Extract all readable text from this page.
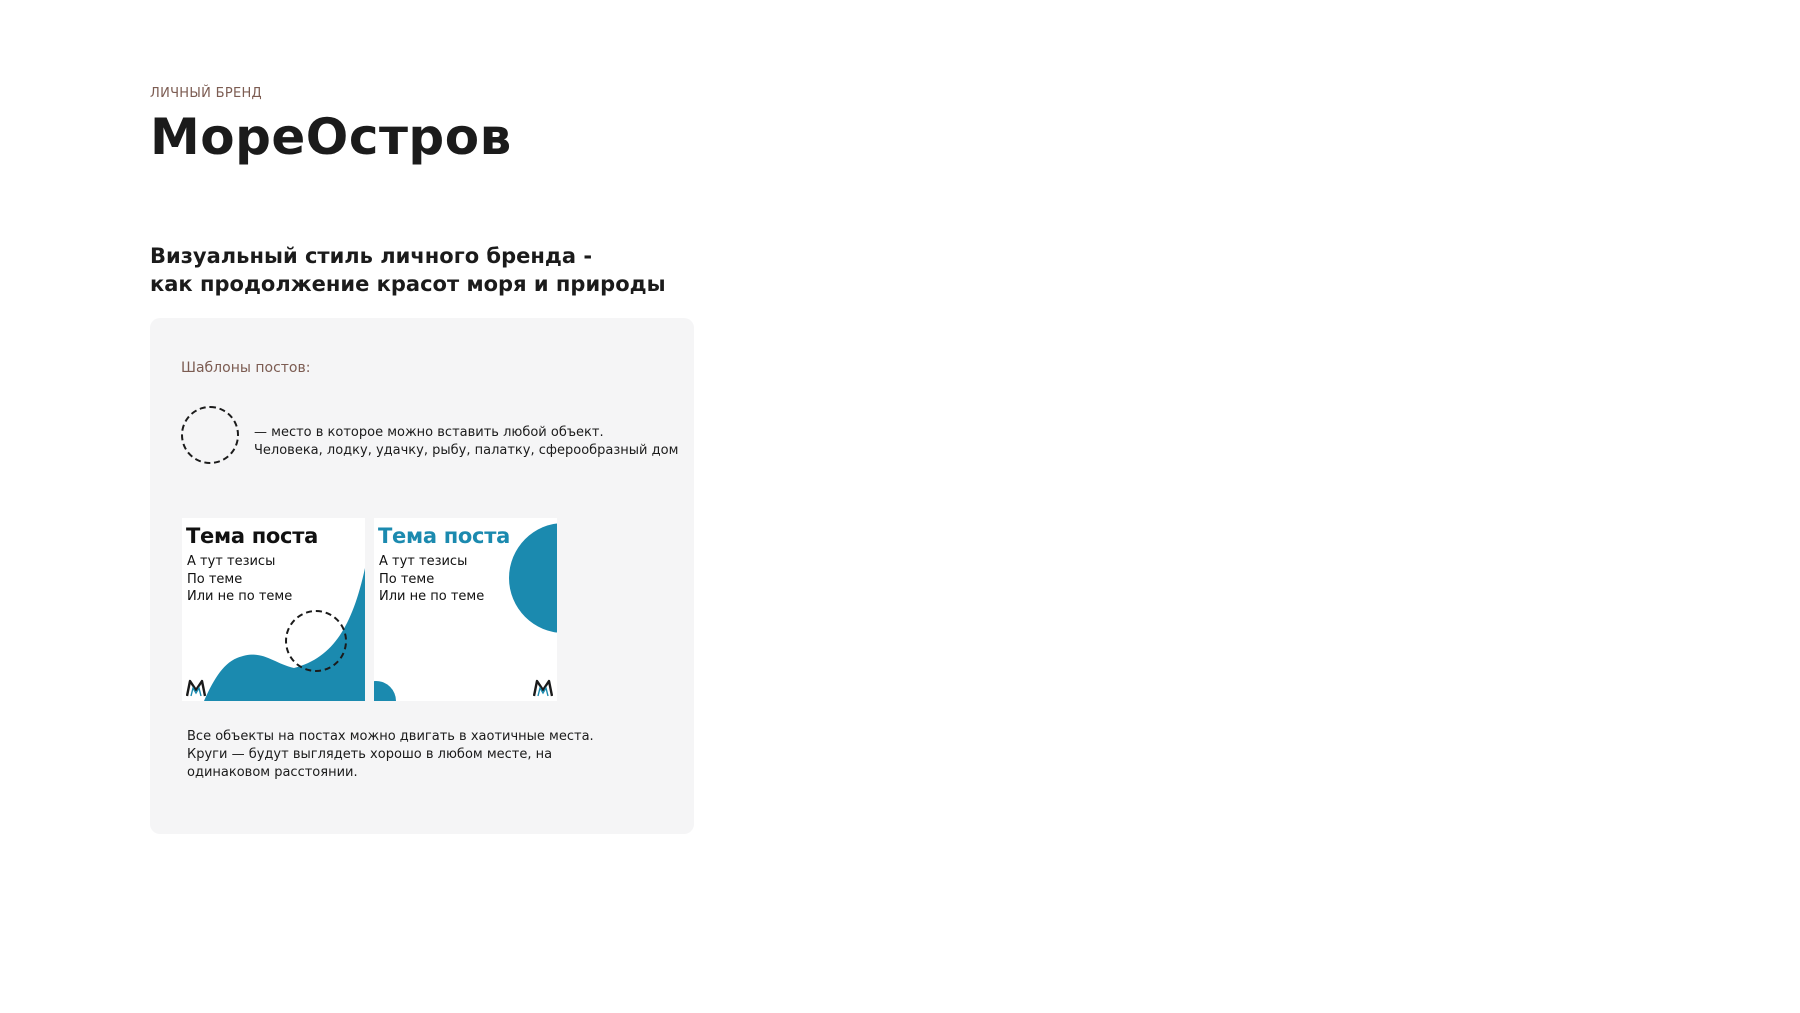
ЛИЧНЫЙ БРЕНД
МореОстров

Визуальный стиль личного бренда -
как продолжение красот моря и природы

Шаблоны постов:
— место в которое можно вставить любой объект.
Человека, лодку, удачку, рыбу, палатку, сферообразный дом
Тема поста
А тут тезисы
По теме
Или не по теме
Тема поста
А тут тезисы
По теме
Или не по теме
Все объекты на постах можно двигать в хаотичные места.
Круги — будут выглядеть хорошо в любом месте, на
одинаковом расстоянии.
